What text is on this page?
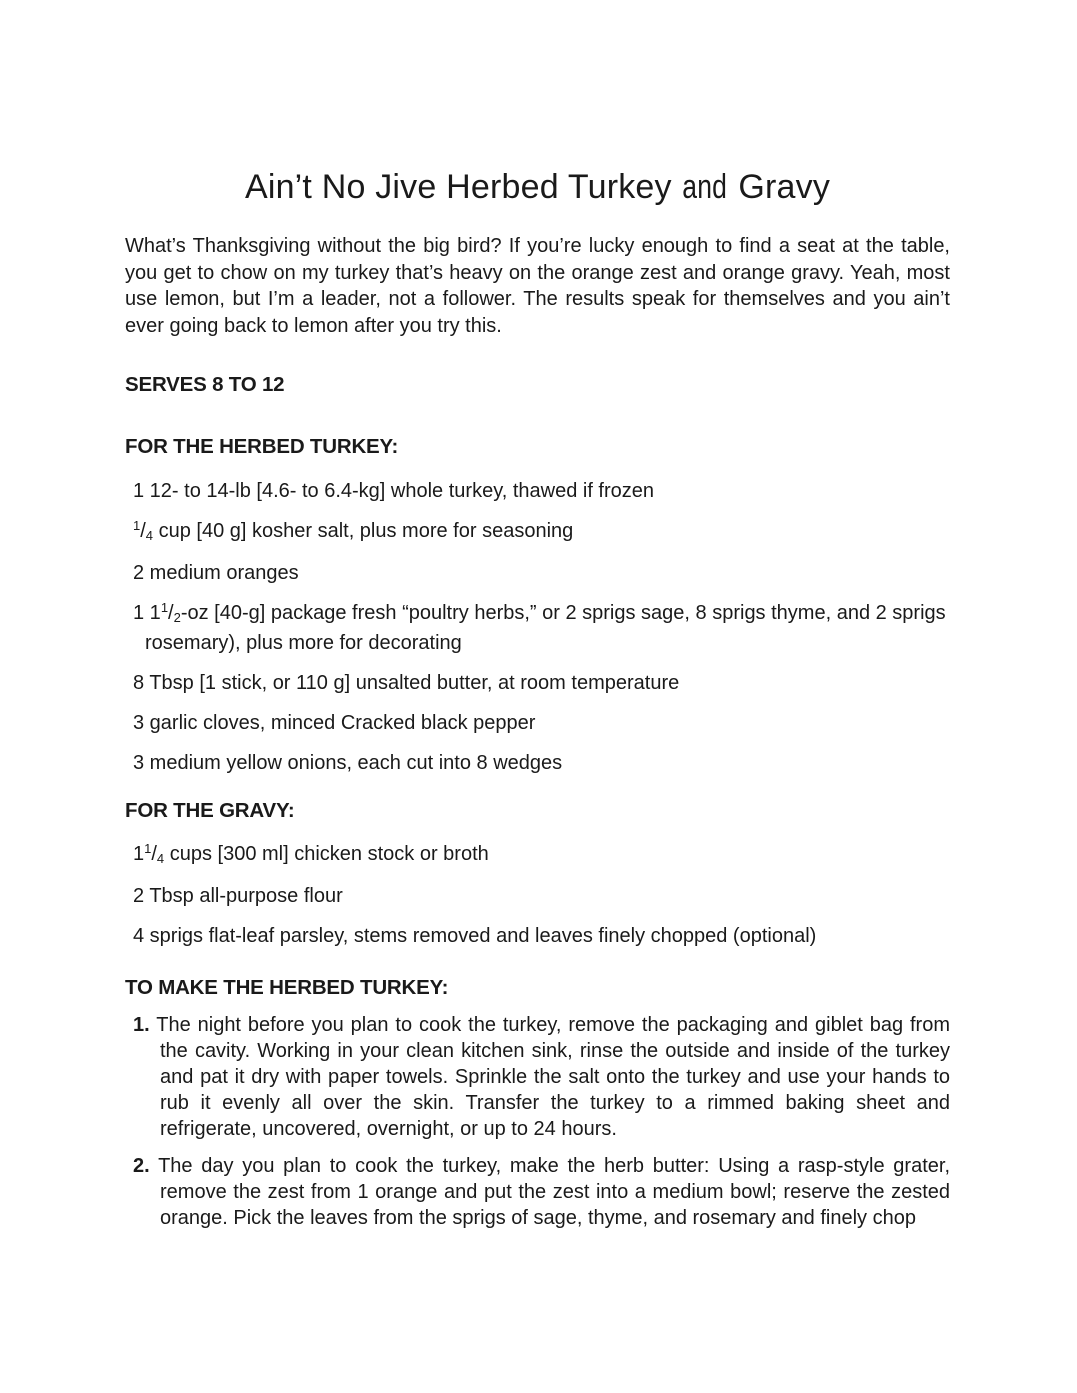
Ain’t No Jive Herbed Turkey and Gravy

What’s Thanksgiving without the big bird? If you’re lucky enough to find a seat at the table, you get to chow on my turkey that’s heavy on the orange zest and orange gravy. Yeah, most use lemon, but I’m a leader, not a follower. The results speak for themselves and you ain’t ever going back to lemon after you try this.

SERVES 8 TO 12
FOR THE HERBED TURKEY:

1 12- to 14-lb [4.6- to 6.4-kg] whole turkey, thawed if frozen

$^1$/4 cup [40 g] kosher salt, plus more for seasoning

2 medium oranges

1 $1^1/2-oz$ [40-g] package fresh “poultry herbs,” or 2 sprigs sage, 8 sprigs thyme, and 2 sprigs rosemary), plus more for decorating

8 Tbsp [1 stick, or 110 g] unsalted butter, at room temperature

3 garlic cloves, minced Cracked black pepper

3 medium yellow onions, each cut into 8 wedges

FOR THE GRAVY:

$1^1/4$ cups [300 ml] chicken stock or broth

2 Tbsp all-purpose flour

4 sprigs flat-leaf parsley, stems removed and leaves finely chopped (optional)

TO MAKE THE HERBED TURKEY:

1. The night before you plan to cook the turkey, remove the packaging and giblet bag from the cavity. Working in your clean kitchen sink, rinse the outside and inside of the turkey and pat it dry with paper towels. Sprinkle the salt onto the turkey and use your hands to rub it evenly all over the skin. Transfer the turkey to a rimmed baking sheet and refrigerate, uncovered, overnight, or up to 24 hours.

2. The day you plan to cook the turkey, make the herb butter: Using a rasp-style grater, remove the zest from 1 orange and put the zest into a medium bowl; reserve the zested orange. Pick the leaves from the sprigs of sage, thyme, and rosemary and finely chop
